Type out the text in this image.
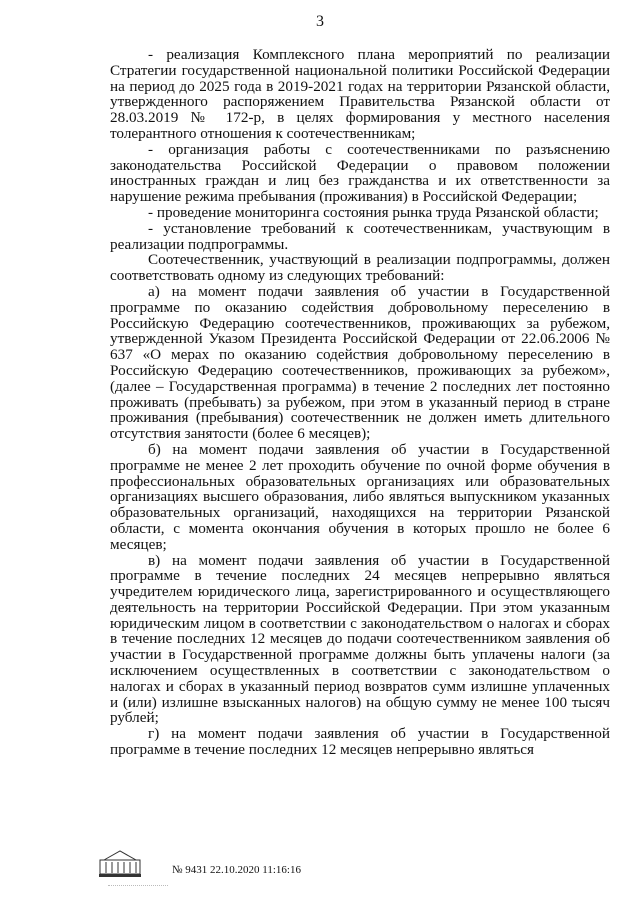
3

- реализация Комплексного плана мероприятий по реализации Стратегии государственной национальной политики Российской Федерации на период до 2025 года в 2019-2021 годах на территории Рязанской области, утвержденного распоряжением Правительства Рязанской области от 28.03.2019 № 172-р, в целях формирования у местного населения толерантного отношения к соотечественникам;

- организация работы с соотечественниками по разъяснению законодательства Российской Федерации о правовом положении иностранных граждан и лиц без гражданства и их ответственности за нарушение режима пребывания (проживания) в Российской Федерации;

- проведение мониторинга состояния рынка труда Рязанской области;

- установление требований к соотечественникам, участвующим в реализации подпрограммы.

Соотечественник, участвующий в реализации подпрограммы, должен соответствовать одному из следующих требований:

а) на момент подачи заявления об участии в Государственной программе по оказанию содействия добровольному переселению в Российскую Федерацию соотечественников, проживающих за рубежом, утвержденной Указом Президента Российской Федерации от 22.06.2006 № 637 «О мерах по оказанию содействия добровольному переселению в Российскую Федерацию соотечественников, проживающих за рубежом», (далее – Государственная программа) в течение 2 последних лет постоянно проживать (пребывать) за рубежом, при этом в указанный период в стране проживания (пребывания) соотечественник не должен иметь длительного отсутствия занятости (более 6 месяцев);

б) на момент подачи заявления об участии в Государственной программе не менее 2 лет проходить обучение по очной форме обучения в профессиональных образовательных организациях или образовательных организациях высшего образования, либо являться выпускником указанных образовательных организаций, находящихся на территории Рязанской области, с момента окончания обучения в которых прошло не более 6 месяцев;

в) на момент подачи заявления об участии в Государственной программе в течение последних 24 месяцев непрерывно являться учредителем юридического лица, зарегистрированного и осуществляющего деятельность на территории Российской Федерации. При этом указанным юридическим лицом в соответствии с законодательством о налогах и сборах в течение последних 12 месяцев до подачи соотечественником заявления об участии в Государственной программе должны быть уплачены налоги (за исключением осуществленных в соответствии с законодательством о налогах и сборах в указанный период возвратов сумм излишне уплаченных и (или) излишне взысканных налогов) на общую сумму не менее 100 тысяч рублей;

г) на момент подачи заявления об участии в Государственной программе в течение последних 12 месяцев непрерывно являться

№ 9431 22.10.2020 11:16:16
